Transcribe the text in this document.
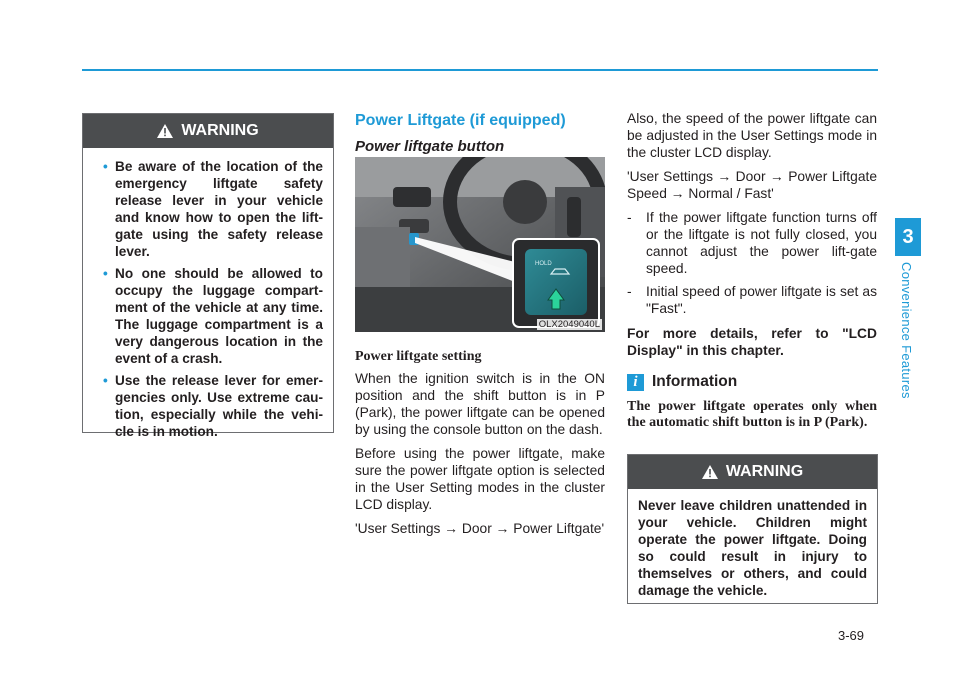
3
Convenience Features
WARNING
• Be aware of the location of the emergency liftgate safety release lever in your vehicle and know how to open the lift-gate using the safety release lever.
• No one should be allowed to occupy the luggage compart-ment of the vehicle at any time. The luggage compartment is a very dangerous location in the event of a crash.
• Use the release lever for emer-gencies only. Use extreme cau-tion, especially while the vehi-cle is in motion.
Power Liftgate (if equipped)
Power liftgate button
HOLD
OLX2049040L
Power liftgate setting

When the ignition switch is in the ON position and the shift button is in P (Park), the power liftgate can be opened by using the console button on the dash.

Before using the power liftgate, make sure the power liftgate option is selected in the User Setting modes in the cluster LCD display.

'User Settings → Door → Power Liftgate'

Also, the speed of the power liftgate can be adjusted in the User Settings mode in the cluster LCD display.

'User Settings → Door → Power Liftgate Speed → Normal / Fast'

- If the power liftgate function turns off or the liftgate is not fully closed, you cannot adjust the power lift-gate speed.
- Initial speed of power liftgate is set as "Fast".

For more details, refer to "LCD Display" in this chapter.

i Information
The power liftgate operates only when the automatic shift button is in P (Park).
WARNING
Never leave children unattended in your vehicle. Children might operate the power liftgate. Doing so could result in injury to themselves or others, and could damage the vehicle.
3-69
